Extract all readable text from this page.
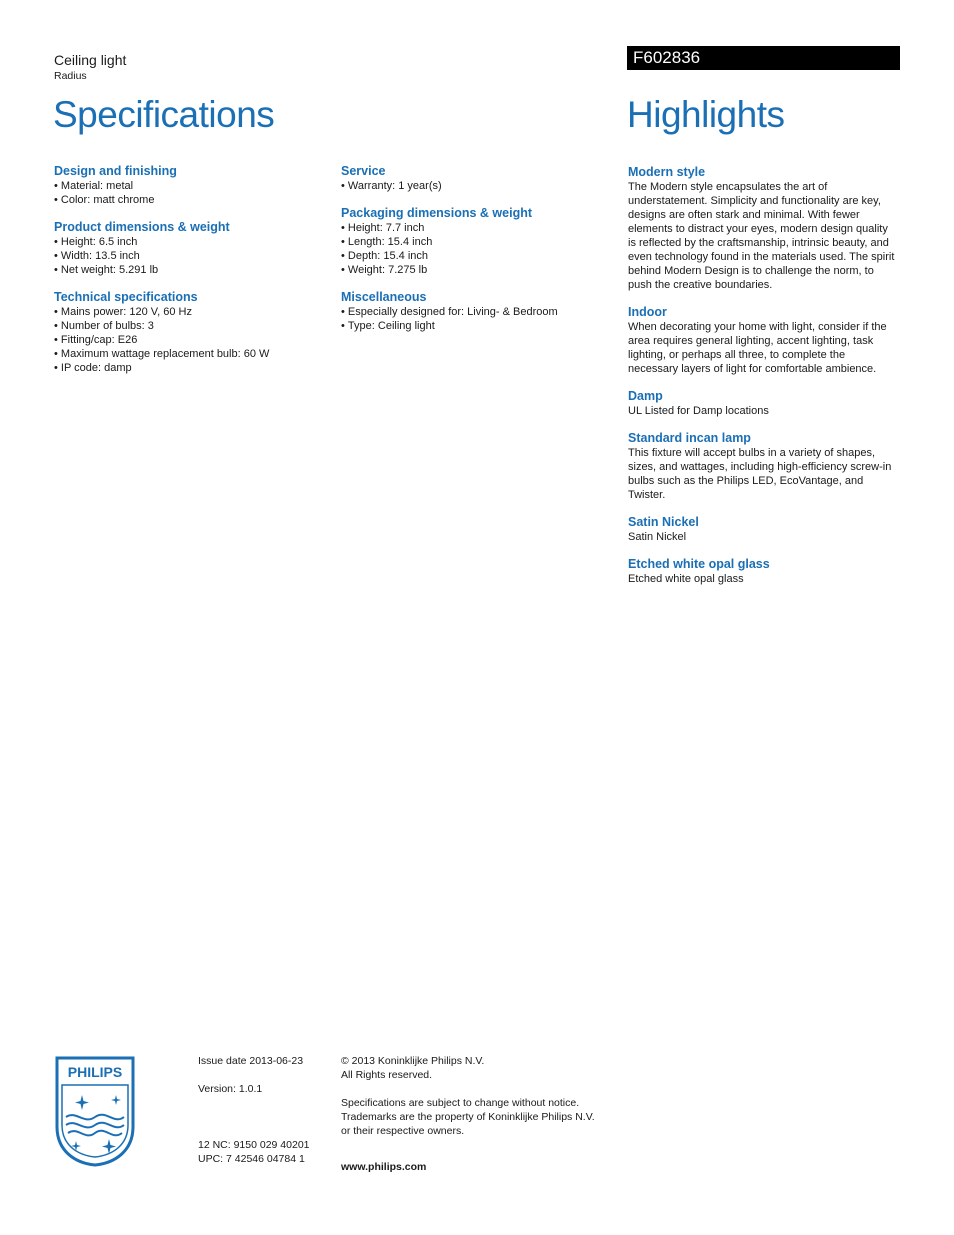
Ceiling light
Radius
Specifications
F602836
Highlights
Design and finishing
• Material: metal
• Color: matt chrome
Product dimensions & weight
• Height: 6.5 inch
• Width: 13.5 inch
• Net weight: 5.291 lb
Technical specifications
• Mains power: 120 V, 60 Hz
• Number of bulbs: 3
• Fitting/cap: E26
• Maximum wattage replacement bulb: 60 W
• IP code: damp
Service
• Warranty: 1 year(s)
Packaging dimensions & weight
• Height: 7.7 inch
• Length: 15.4 inch
• Depth: 15.4 inch
• Weight: 7.275 lb
Miscellaneous
• Especially designed for: Living- & Bedroom
• Type: Ceiling light
Modern style
The Modern style encapsulates the art of
understatement. Simplicity and functionality are key,
designs are often stark and minimal. With fewer
elements to distract your eyes, modern design quality
is reflected by the craftsmanship, intrinsic beauty, and
even technology found in the materials used. The spirit
behind Modern Design is to challenge the norm, to
push the creative boundaries.
Indoor
When decorating your home with light, consider if the
area requires general lighting, accent lighting, task
lighting, or perhaps all three, to complete the
necessary layers of light for comfortable ambience.
Damp
UL Listed for Damp locations
Standard incan lamp
This fixture will accept bulbs in a variety of shapes,
sizes, and wattages, including high-efficiency screw-in
bulbs such as the Philips LED, EcoVantage, and
Twister.
Satin Nickel
Satin Nickel
Etched white opal glass
Etched white opal glass
PHILIPS
Issue date 2013-06-23
Version: 1.0.1
12 NC: 9150 029 40201
UPC: 7 42546 04784 1
© 2013 Koninklijke Philips N.V.
All Rights reserved.
Specifications are subject to change without notice.
Trademarks are the property of Koninklijke Philips N.V.
or their respective owners.
www.philips.com
